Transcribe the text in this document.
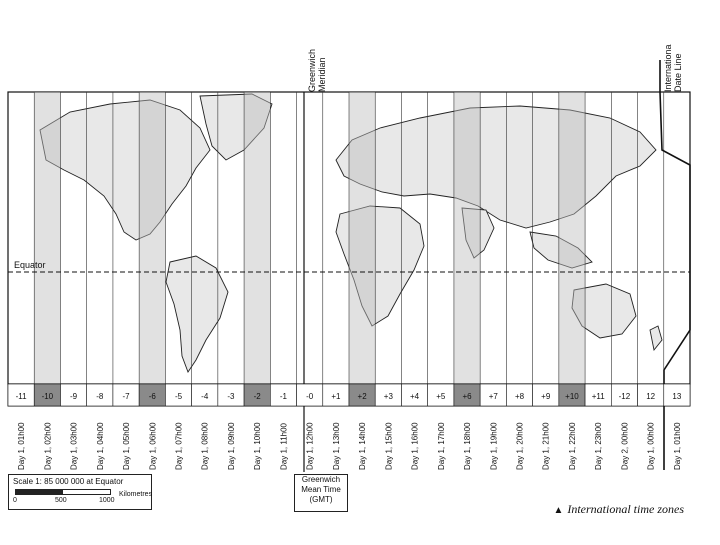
Equator
-11 -10 -9 -8 -7 -6 -5 -4 -3 -2 -1 -0 +1 +2 +3 +4 +5 +6 +7 +8 +9 +10 +11 -12 12 13
Day 1, 01h00 Day 1, 02h00 Day 1, 03h00 Day 1, 04h00 Day 1, 05h00 Day 1, 06h00 Day 1, 07h00 Day 1, 08h00 Day 1, 09h00 Day 1, 10h00 Day 1, 11h00 Day 1, 12h00 Day 1, 13h00 Day 1, 14h00 Day 1, 15h00 Day 1, 16h00 Day 1, 17h00 Day 1, 18h00 Day 1, 19h00 Day 1, 20h00 Day 1, 21h00 Day 1, 22h00 Day 1, 23h00 Day 2, 00h00 Day 1, 00h00 Day 1, 01h00
Greenwich Meridian	Internationa Date Line
Scale 1: 85 000 000 at Equator
0	500	1000
Kilometres
Greenwich
Mean Time
(GMT)
▲ International time zones
